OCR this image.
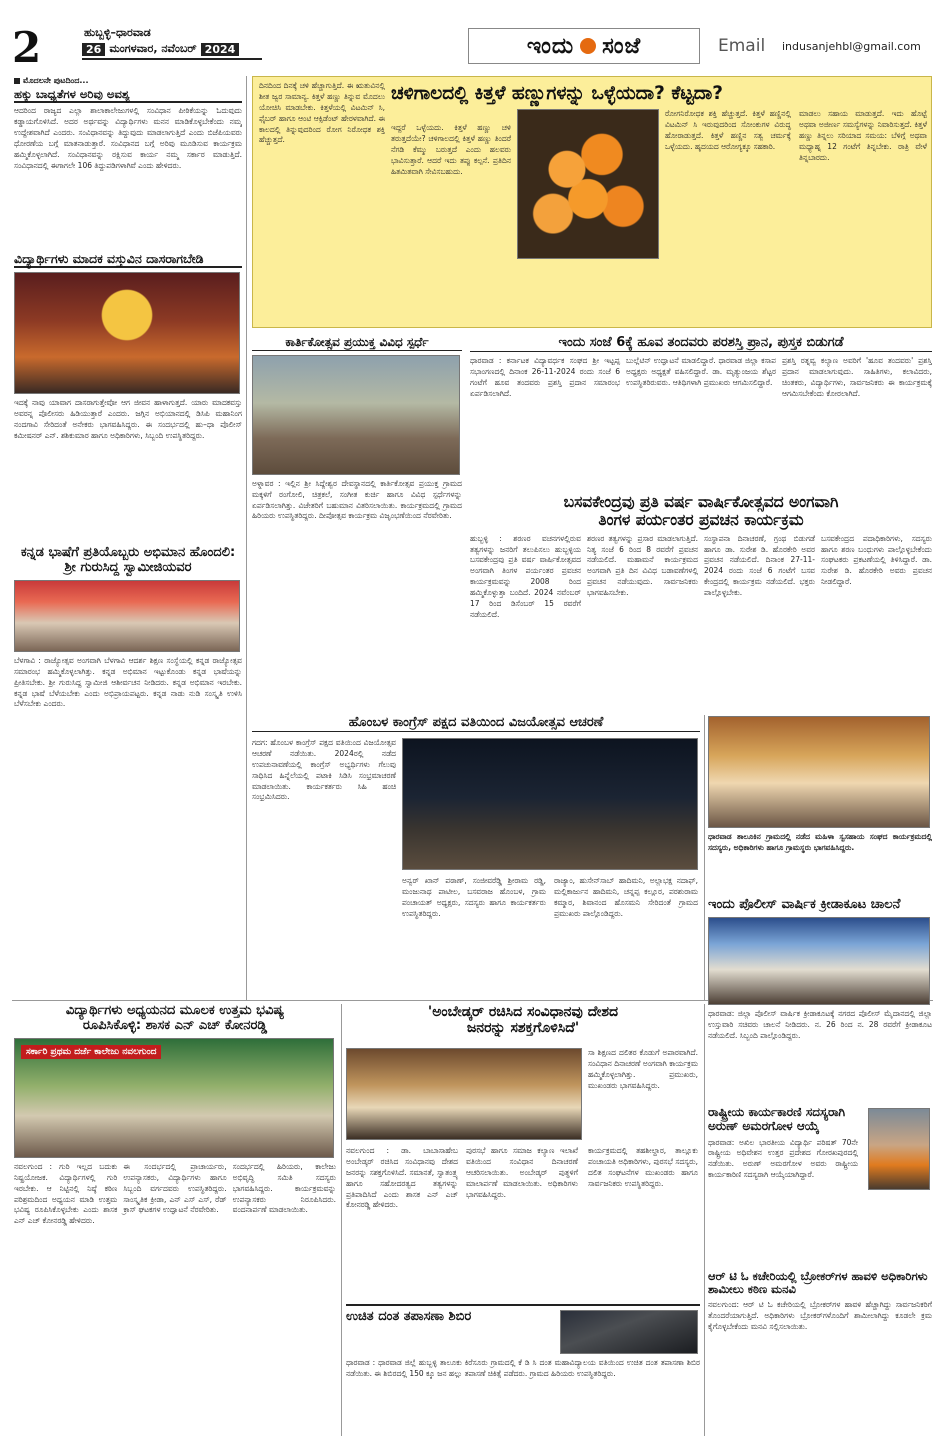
2	ಹುಬ್ಬಳ್ಳಿ–ಧಾರವಾಡ
26 ಮಂಗಳವಾರ, ನವೆಂಬರ್ 2024	ಇಂದು ಸಂಜೆ	Email indusanjehbl@gmail.com
ಮೊದಲನೇ ಪುಟದಿಂದ...
ಹಕ್ಕು ಬಾಧ್ಯತೆಗಳ ಅರಿವು ಅವಶ್ಯ
ಆದರಿಂದ ರಾಜ್ಯದ ಎಲ್ಲಾ ಶಾಲಾಕಾಲೇಜುಗಳಲ್ಲಿ ಸಂವಿಧಾನ ಪೀಠಿಕೆಯನ್ನು ಓದುವುದು ಕಡ್ಡಾಯಗೊಳಿಸಿದೆ. ಅದರ ಅರ್ಥವನ್ನು ವಿದ್ಯಾರ್ಥಿಗಳು ಮನನ ಮಾಡಿಕೊಳ್ಳಬೇಕೆಂದು ನಮ್ಮ ಉದ್ದೇಶವಾಗಿದೆ ಎಂದರು. ಸಂವಿಧಾನವನ್ನು ತಿದ್ದುವುದು ಮಾಡಲಾಗುತ್ತಿದೆ ಎಂದು ಬಿಜೆಪಿಯವರು ಧೋರಣೆಯ ಬಗ್ಗೆ ಮಾತನಾಡುತ್ತಾರೆ. ಸಂವಿಧಾನದ ಬಗ್ಗೆ ಅರಿವು ಮೂಡಿಸುವ ಕಾರ್ಯಕ್ರಮ ಹಮ್ಮಿಕೊಳ್ಳಲಾಗಿದೆ. ಸಂವಿಧಾನವನ್ನು ರಕ್ಷಿಸುವ ಕಾರ್ಯ ನಮ್ಮ ಸರ್ಕಾರ ಮಾಡುತ್ತಿದೆ. ಸಂವಿಧಾನದಲ್ಲಿ ಈಗಾಗಲೇ 106 ತಿದ್ದುಪಡಿಗಳಾಗಿವೆ ಎಂದು ಹೇಳಿದರು.
ವಿದ್ಯಾರ್ಥಿಗಳು ಮಾದಕ ವಸ್ತುವಿನ ದಾಸರಾಗಬೇಡಿ
ಇದಕ್ಕೆ ನಾವು ಯಾವಾಗ ದಾಸರಾಗುತ್ತೇವೋ ಆಗ ಜೀವನ ಹಾಳಾಗುತ್ತದೆ. ಯಾರು ಮಾದಕವಸ್ತು ಅವರನ್ನ ಪೊಲೀಸರು ಹಿಡಿಯುತ್ತಾರೆ ಎಂದರು. ಜಗ್ಗಿನ ಅಭಿಯಾನದಲ್ಲಿ ಡಿಸಿಪಿ ಮಹಾನಿಂಗ ನಂದಗಾವಿ ಸೇರಿದಂತೆ ಅನೇಕರು ಭಾಗವಹಿಸಿದ್ದರು. ಈ ಸಂದರ್ಭದಲ್ಲಿ ಹು–ಧಾ ಪೊಲೀಸ್ ಕಮೀಷನರ್ ಎನ್. ಶಶಿಕುಮಾರ ಹಾಗೂ ಅಧಿಕಾರಿಗಳು, ಸಿಬ್ಬಂದಿ ಉಪಸ್ಥಿತರಿದ್ದರು.
ಕನ್ನಡ ಭಾಷೆಗೆ ಪ್ರತಿಯೊಬ್ಬರು ಅಭಿಮಾನ ಹೊಂದಲಿ: ಶ್ರೀ ಗುರುಸಿದ್ದ ಸ್ವಾಮೀಜಿಯವರ
ಬೆಳಗಾವಿ : ರಾಜ್ಯೋತ್ಸವ ಅಂಗವಾಗಿ ಬೆಳಗಾವಿ ಆದರ್ಶ ಶಿಕ್ಷಣ ಸಂಸ್ಥೆಯಲ್ಲಿ ಕನ್ನಡ ರಾಜ್ಯೋತ್ಸವ ಸಮಾರಂಭ ಹಮ್ಮಿಕೊಳ್ಳಲಾಗಿತ್ತು. ಕನ್ನಡ ಅಭಿಮಾನ ಇಟ್ಟುಕೊಂಡು ಕನ್ನಡ ಭಾಷೆಯನ್ನು ಪ್ರೀತಿಸಬೇಕು. ಶ್ರೀ ಗುರುಸಿದ್ದ ಸ್ವಾಮೀಜಿ ಆಶೀರ್ವಚನ ನೀಡಿದರು. ಕನ್ನಡ ಅಭಿಮಾನ ಇರಬೇಕು. ಕನ್ನಡ ಭಾಷೆ ಬೆಳೆಯಬೇಕು ಎಂದು ಅಭಿಪ್ರಾಯಪಟ್ಟರು. ಕನ್ನಡ ನಾಡು ನುಡಿ ಸಂಸ್ಕೃತಿ ಉಳಿಸಿ ಬೆಳೆಸಬೇಕು ಎಂದರು.
ಚಳಿಗಾಲದಲ್ಲಿ ಕಿತ್ತಳೆ ಹಣ್ಣುಗಳನ್ನು ಒಳ್ಳೆಯದಾ? ಕೆಟ್ಟದಾ?
ದಿನದಿಂದ ದಿನಕ್ಕೆ ಚಳಿ ಹೆಚ್ಚಾಗುತ್ತಿದೆ. ಈ ಋತುವಿನಲ್ಲಿ ಶೀತ ಜ್ವರ ಸಾಮಾನ್ಯ. ಕಿತ್ತಳೆ ಹಣ್ಣು ತಿನ್ನುವ ಮೊದಲು ಯೋಚಿಸಿ ಮಾಡಬೇಕು. ಕಿತ್ತಳೆಯಲ್ಲಿ ವಿಟಮಿನ್ ಸಿ, ಫೈಬರ್ ಹಾಗೂ ಆಂಟಿ ಆಕ್ಸಿಡೆಂಟ್ ಹೇರಳವಾಗಿದೆ. ಈ ಕಾಲದಲ್ಲಿ ತಿನ್ನುವುದರಿಂದ ರೋಗ ನಿರೋಧಕ ಶಕ್ತಿ ಹೆಚ್ಚುತ್ತದೆ.
ಇದ್ದರೆ ಒಳ್ಳೆಯದು. ಕಿತ್ತಳೆ ಹಣ್ಣು ಚಳಿ ತರುತ್ತದೆಯೇ? ಚಳಿಗಾಲದಲ್ಲಿ ಕಿತ್ತಳೆ ಹಣ್ಣು ತಿಂದರೆ ನೆಗಡಿ ಕೆಮ್ಮು ಬರುತ್ತದೆ ಎಂದು ಹಲವರು ಭಾವಿಸುತ್ತಾರೆ. ಆದರೆ ಇದು ತಪ್ಪು ಕಲ್ಪನೆ. ಪ್ರತಿದಿನ ಹಿತಮಿತವಾಗಿ ಸೇವಿಸಬಹುದು.
ರೋಗನಿರೋಧಕ ಶಕ್ತಿ ಹೆಚ್ಚುತ್ತದೆ. ಕಿತ್ತಳೆ ಹಣ್ಣಿನಲ್ಲಿ ವಿಟಮಿನ್ ಸಿ ಇರುವುದರಿಂದ ಸೋಂಕುಗಳ ವಿರುದ್ಧ ಹೋರಾಡುತ್ತದೆ. ಕಿತ್ತಳೆ ಹಣ್ಣಿನ ಸತ್ವ ಚರ್ಮಕ್ಕೆ ಒಳ್ಳೆಯದು. ಹೃದಯದ ಆರೋಗ್ಯಕ್ಕೂ ಸಹಕಾರಿ.
ಮಾಡಲು ಸಹಾಯ ಮಾಡುತ್ತದೆ. ಇದು ಹೊಟ್ಟೆ ಅಥವಾ ಅಜೀರ್ಣ ಸಮಸ್ಯೆಗಳನ್ನು ನಿವಾರಿಸುತ್ತದೆ. ಕಿತ್ತಳೆ ಹಣ್ಣು ತಿನ್ನಲು ಸರಿಯಾದ ಸಮಯ: ಬೆಳಿಗ್ಗೆ ಅಥವಾ ಮಧ್ಯಾಹ್ನ 12 ಗಂಟೆಗೆ ತಿನ್ನಬೇಕು. ರಾತ್ರಿ ವೇಳೆ ತಿನ್ನಬಾರದು.
ಕಾರ್ತಿಕೋತ್ಸವ ಪ್ರಯುಕ್ತ ವಿವಿಧ ಸ್ಪರ್ಧೆ
ಅಳ್ನಾವರ : ಇಲ್ಲಿನ ಶ್ರೀ ಸಿದ್ದೇಶ್ವರ ದೇವಸ್ಥಾನದಲ್ಲಿ ಕಾರ್ತಿಕೋತ್ಸವ ಪ್ರಯುಕ್ತ ಗ್ರಾಮದ ಮಕ್ಕಳಿಗೆ ರಂಗೋಲಿ, ಚಿತ್ರಕಲೆ, ಸಂಗೀತ ಕುರ್ಚಿ ಹಾಗೂ ವಿವಿಧ ಸ್ಪರ್ಧೆಗಳನ್ನು ಏರ್ಪಡಿಸಲಾಗಿತ್ತು. ವಿಜೇತರಿಗೆ ಬಹುಮಾನ ವಿತರಿಸಲಾಯಿತು. ಕಾರ್ಯಕ್ರಮದಲ್ಲಿ ಗ್ರಾಮದ ಹಿರಿಯರು ಉಪಸ್ಥಿತರಿದ್ದರು. ದೀಪೋತ್ಸವ ಕಾರ್ಯಕ್ರಮ ವಿಜೃಂಭಣೆಯಿಂದ ನೆರವೇರಿತು.
ಇಂದು ಸಂಜೆ 6ಕ್ಕೆ ಹೂವ ತಂದವರು ಪರಶಸ್ತಿ ಪ್ರಾನ, ಪುಸ್ತಕ ಬಿಡುಗಡೆ
ಧಾರವಾಡ : ಕರ್ನಾಟಕ ವಿದ್ಯಾವರ್ಧಕ ಸಂಘದ ಶ್ರೀ ಇಟ್ಟಪ್ಪ ಸಭಾಂಗಣದಲ್ಲಿ ದಿನಾಂಕ 26-11-2024 ರಂದು ಸಂಜೆ 6 ಗಂಟೆಗೆ ಹೂವ ತಂದವರು ಪ್ರಶಸ್ತಿ ಪ್ರದಾನ ಸಮಾರಂಭ ಏರ್ಪಡಿಸಲಾಗಿದೆ.
ಬುಲ್ಲೆಟಿನ್ ಉದ್ಘಾಟನೆ ಮಾಡಲಿದ್ದಾರೆ. ಧಾರವಾಡ ಜಿಲ್ಲಾ ಕಸಾಪ ಅಧ್ಯಕ್ಷರು ಅಧ್ಯಕ್ಷತೆ ವಹಿಸಲಿದ್ದಾರೆ. ಡಾ. ಮೃತ್ಯುಂಜಯ ಶೆಟ್ಟರ ಉಪಸ್ಥಿತರಿರುವರು. ಆತಿಥಿಗಳಾಗಿ ಪ್ರಮುಖರು ಆಗಮಿಸಲಿದ್ದಾರೆ.
ಪ್ರಶಸ್ತಿ ರತ್ನವ್ವ ಕಲ್ಯಾಣ ಅವರಿಗೆ 'ಹೂವ ತಂದವರು' ಪ್ರಶಸ್ತಿ ಪ್ರದಾನ ಮಾಡಲಾಗುವುದು. ಸಾಹಿತಿಗಳು, ಕಲಾವಿದರು, ಚಿಂತಕರು, ವಿದ್ಯಾರ್ಥಿಗಳು, ಸಾರ್ವಜನಿಕರು ಈ ಕಾರ್ಯಕ್ರಮಕ್ಕೆ ಆಗಮಿಸಬೇಕೆಂದು ಕೋರಲಾಗಿದೆ.
ಬಸವಕೇಂದ್ರವು ಪ್ರತಿ ವರ್ಷ ವಾರ್ಷಿಕೋತ್ಸವದ ಅಂಗವಾಗಿ
ತಿಂಗಳ ಪರ್ಯಂತರ ಪ್ರವಚನ ಕಾರ್ಯಕ್ರಮ
ಹುಬ್ಬಳ್ಳಿ : ಶರಣರ ವಚನಗಳಲ್ಲಿರುವ ತತ್ವಗಳನ್ನು ಜನರಿಗೆ ತಲುಪಿಸಲು ಹುಬ್ಬಳ್ಳಿಯ ಬಸವಕೇಂದ್ರವು ಪ್ರತಿ ವರ್ಷ ವಾರ್ಷಿಕೋತ್ಸವದ ಅಂಗವಾಗಿ ತಿಂಗಳ ಪರ್ಯಂತರ ಪ್ರವಚನ ಕಾರ್ಯಕ್ರಮವನ್ನು 2008 ರಿಂದ ಹಮ್ಮಿಕೊಳ್ಳುತ್ತಾ ಬಂದಿದೆ. 2024 ನವೆಂಬರ್ 17 ರಿಂದ ಡಿಸೆಂಬರ್ 15 ರವರೆಗೆ ನಡೆಯಲಿದೆ.
ಶರಣರ ತತ್ವಗಳನ್ನು ಪ್ರಸಾರ ಮಾಡಲಾಗುತ್ತಿದೆ. ನಿತ್ಯ ಸಂಜೆ 6 ರಿಂದ 8 ರವರೆಗೆ ಪ್ರವಚನ ನಡೆಯಲಿದೆ. ಮಹಾಮನೆ ಕಾರ್ಯಕ್ರಮದ ಅಂಗವಾಗಿ ಪ್ರತಿ ದಿನ ವಿವಿಧ ಬಡಾವಣೆಗಳಲ್ಲಿ ಪ್ರವಚನ ನಡೆಯುವುದು. ಸಾರ್ವಜನಿಕರು ಭಾಗವಹಿಸಬೇಕು.
ಸಂಸ್ಥಾಪನಾ ದಿನಾಚರಣೆ, ಗ್ರಂಥ ಬಿಡುಗಡೆ ಹಾಗೂ ಡಾ. ಸುರೇಶ ಡಿ. ಹೊರಕೇರಿ ಅವರ ಪ್ರವಚನ ನಡೆಯಲಿದೆ. ದಿನಾಂಕ 27-11-2024 ರಂದು ಸಂಜೆ 6 ಗಂಟೆಗೆ ಬಸವ ಕೇಂದ್ರದಲ್ಲಿ ಕಾರ್ಯಕ್ರಮ ನಡೆಯಲಿದೆ. ಭಕ್ತರು ಪಾಲ್ಗೊಳ್ಳಬೇಕು.
ಬಸವಕೇಂದ್ರದ ಪದಾಧಿಕಾರಿಗಳು, ಸದಸ್ಯರು ಹಾಗೂ ಶರಣ ಬಂಧುಗಳು ಪಾಲ್ಗೊಳ್ಳಬೇಕೆಂದು ಸಂಘಟಕರು ಪ್ರಕಟಣೆಯಲ್ಲಿ ತಿಳಿಸಿದ್ದಾರೆ. ಡಾ. ಸುರೇಶ ಡಿ. ಹೊರಕೇರಿ ಅವರು ಪ್ರವಚನ ನೀಡಲಿದ್ದಾರೆ.
ಹೊಂಬಳ ಕಾಂಗ್ರೆಸ್ ಪಕ್ಷದ ವತಿಯಿಂದ ವಿಜಯೋತ್ಸವ ಆಚರಣೆ
ಗದಗ: ಹೊಂಬಳ ಕಾಂಗ್ರೆಸ್ ಪಕ್ಷದ ವತಿಯಿಂದ ವಿಜಯೋತ್ಸವ ಆಚರಣೆ ನಡೆಯಿತು. 2024ರಲ್ಲಿ ನಡೆದ ಉಪಚುನಾವಣೆಯಲ್ಲಿ ಕಾಂಗ್ರೆಸ್ ಅಭ್ಯರ್ಥಿಗಳು ಗೆಲುವು ಸಾಧಿಸಿದ ಹಿನ್ನೆಲೆಯಲ್ಲಿ ಪಟಾಕಿ ಸಿಡಿಸಿ ಸಂಭ್ರಮಾಚರಣೆ ಮಾಡಲಾಯಿತು. ಕಾರ್ಯಕರ್ತರು ಸಿಹಿ ಹಂಚಿ ಸಂಭ್ರಮಿಸಿದರು.
ಅನ್ವರ್ ಖಾನ್ ಪಠಾಣ್, ಸಂಜೀವರೆಡ್ಡಿ ಶ್ರೀರಾಮ ರಡ್ಡಿ, ಮಂಜುನಾಥ ಪಾಟೀಲ, ಬಸವರಾಜ ಹೊಂಬಳ, ಗ್ರಾಮ ಪಂಚಾಯತ್ ಅಧ್ಯಕ್ಷರು, ಸದಸ್ಯರು ಹಾಗೂ ಕಾರ್ಯಕರ್ತರು ಉಪಸ್ಥಿತರಿದ್ದರು.
ರಾಜ್ಯಾಂ, ಹುಸೇನ್‌ಸಾಬ್ ಹಾದಿಮನಿ, ಅಲ್ಲಾಭಕ್ಷ ನದಾಫ್, ಮಲ್ಲಿಕಾರ್ಜುನ ಹಾದಿಮನಿ, ಚನ್ನಪ್ಪ ಕಲ್ಲೂರ, ಪರಶುರಾಮ ಕಮ್ಮಾರ, ಶಿವಾನಂದ ಹೊಸಮನಿ ಸೇರಿದಂತೆ ಗ್ರಾಮದ ಪ್ರಮುಖರು ಪಾಲ್ಗೊಂಡಿದ್ದರು.
ಧಾರವಾಡ ತಾಲೂಕಿನ ಗ್ರಾಮದಲ್ಲಿ ನಡೆದ ಮಹಿಳಾ ಸ್ವಸಹಾಯ ಸಂಘದ ಕಾರ್ಯಕ್ರಮದಲ್ಲಿ ಸದಸ್ಯರು, ಅಧಿಕಾರಿಗಳು ಹಾಗೂ ಗ್ರಾಮಸ್ಥರು ಭಾಗವಹಿಸಿದ್ದರು.
ಇಂದು ಪೊಲೀಸ್ ವಾರ್ಷಿಕ ಕ್ರೀಡಾಕೂಟ ಚಾಲನೆ
ಧಾರವಾಡ: ಜಿಲ್ಲಾ ಪೊಲೀಸ್ ವಾರ್ಷಿಕ ಕ್ರೀಡಾಕೂಟಕ್ಕೆ ನಗರದ ಪೊಲೀಸ್ ಮೈದಾನದಲ್ಲಿ ಜಿಲ್ಲಾ ಉಸ್ತುವಾರಿ ಸಚಿವರು ಚಾಲನೆ ನೀಡಿದರು. ನ. 26 ರಿಂದ ನ. 28 ರವರೆಗೆ ಕ್ರೀಡಾಕೂಟ ನಡೆಯಲಿದೆ. ಸಿಬ್ಬಂದಿ ಪಾಲ್ಗೊಂಡಿದ್ದರು.
ರಾಷ್ಟ್ರೀಯ ಕಾರ್ಯಕಾರಣಿ ಸದಸ್ಯರಾಗಿ ಅರುಣ್ ಅಮರಗೋಳ ಆಯ್ಕೆ
ಧಾರವಾಡ: ಅಖಿಲ ಭಾರತೀಯ ವಿದ್ಯಾರ್ಥಿ ಪರಿಷತ್ 70ನೇ ರಾಷ್ಟ್ರೀಯ ಅಧಿವೇಶನ ಉತ್ತರ ಪ್ರದೇಶದ ಗೋರಖಪುರದಲ್ಲಿ ನಡೆಯಿತು. ಅರುಣ್ ಅಮರಗೋಳ ಅವರು ರಾಷ್ಟ್ರೀಯ ಕಾರ್ಯಕಾರಿಣಿ ಸದಸ್ಯರಾಗಿ ಆಯ್ಕೆಯಾಗಿದ್ದಾರೆ.
ಆರ್ ಟಿ ಓ ಕಚೇರಿಯಲ್ಲಿ ಬ್ರೋಕರ್‌ಗಳ ಹಾವಳಿ ಅಧಿಕಾರಿಗಳು ಶಾಮೀಲು ಕಠಿಣ ಮನವಿ
ನವಲಗುಂದ: ಆರ್ ಟಿ ಓ ಕಚೇರಿಯಲ್ಲಿ ಬ್ರೋಕರ್‌ಗಳ ಹಾವಳಿ ಹೆಚ್ಚಾಗಿದ್ದು ಸಾರ್ವಜನಿಕರಿಗೆ ತೊಂದರೆಯಾಗುತ್ತಿದೆ. ಅಧಿಕಾರಿಗಳು ಬ್ರೋಕರ್‌ಗಳೊಂದಿಗೆ ಶಾಮೀಲಾಗಿದ್ದು ಕೂಡಲೇ ಕ್ರಮ ಕೈಗೊಳ್ಳಬೇಕೆಂದು ಮನವಿ ಸಲ್ಲಿಸಲಾಯಿತು.
ವಿದ್ಯಾರ್ಥಿಗಳು ಅಧ್ಯಯನದ ಮೂಲಕ ಉತ್ತಮ ಭವಿಷ್ಯ
ರೂಪಿಸಿಕೊಳ್ಳಿ: ಶಾಸಕ ಎನ್ ಎಚ್ ಕೋನರಡ್ಡಿ
ಸರ್ಕಾರಿ ಪ್ರಥಮ ದರ್ಜೆ ಕಾಲೇಜು ನವಲಗುಂದ
ನವಲಗುಂದ : ಗುರಿ ಇಲ್ಲದ ಬದುಕು ನಿಷ್ಪ್ರಯೋಜಕ. ವಿದ್ಯಾರ್ಥಿಗಳಲ್ಲಿ ಗುರಿ ಇರಬೇಕು. ಆ ನಿಟ್ಟಿನಲ್ಲಿ ನಿಷ್ಠೆ ಕಠಿಣ ಪರಿಶ್ರಮದಿಂದ ಅಧ್ಯಯನ ಮಾಡಿ ಉತ್ತಮ ಭವಿಷ್ಯ ರೂಪಿಸಿಕೊಳ್ಳಬೇಕು ಎಂದು ಶಾಸಕ ಎನ್ ಎಚ್ ಕೋನರಡ್ಡಿ ಹೇಳಿದರು.
ಈ ಸಂದರ್ಭದಲ್ಲಿ ಪ್ರಾಚಾರ್ಯರು, ಉಪನ್ಯಾಸಕರು, ವಿದ್ಯಾರ್ಥಿಗಳು ಹಾಗೂ ಸಿಬ್ಬಂದಿ ವರ್ಗದವರು ಉಪಸ್ಥಿತರಿದ್ದರು. ಸಾಂಸ್ಕೃತಿಕ ಕ್ರೀಡಾ, ಎನ್ ಎಸ್ ಎಸ್, ರೆಡ್ ಕ್ರಾಸ್ ಘಟಕಗಳ ಉದ್ಘಾಟನೆ ನೆರವೇರಿತು.
ಸಂದರ್ಭದಲ್ಲಿ ಹಿರಿಯರು, ಕಾಲೇಜು ಅಭಿವೃದ್ಧಿ ಸಮಿತಿ ಸದಸ್ಯರು ಭಾಗವಹಿಸಿದ್ದರು. ಕಾರ್ಯಕ್ರಮವನ್ನು ಉಪನ್ಯಾಸಕರು ನಿರೂಪಿಸಿದರು. ವಂದನಾರ್ಪಣೆ ಮಾಡಲಾಯಿತು.
'ಅಂಬೇಡ್ಕರ್ ರಚಿಸಿದ ಸಂವಿಧಾನವು ದೇಶದ
ಜನರನ್ನು ಸಶಕ್ತಗೊಳಿಸಿದೆ'
ಸಾ ಶಿಕ್ಷಣದ ದಲಿತರ ಕೊಡುಗೆ ಅಪಾರವಾಗಿದೆ. ಸಂವಿಧಾನ ದಿನಾಚರಣೆ ಅಂಗವಾಗಿ ಕಾರ್ಯಕ್ರಮ ಹಮ್ಮಿಕೊಳ್ಳಲಾಗಿತ್ತು. ಪ್ರಮುಖರು, ಮುಖಂಡರು ಭಾಗವಹಿಸಿದ್ದರು.
ನವಲಗುಂದ : ಡಾ. ಬಾಬಾಸಾಹೇಬ ಅಂಬೇಡ್ಕರ್ ರಚಿಸಿದ ಸಂವಿಧಾನವು ದೇಶದ ಜನರನ್ನು ಸಶಕ್ತಗೊಳಿಸಿದೆ. ಸಮಾನತೆ, ಸ್ವಾತಂತ್ರ್ಯ ಹಾಗೂ ಸಹೋದರತ್ವದ ತತ್ವಗಳನ್ನು ಪ್ರತಿಪಾದಿಸಿದೆ ಎಂದು ಶಾಸಕ ಎನ್ ಎಚ್ ಕೋನರಡ್ಡಿ ಹೇಳಿದರು.
ಪುರಸಭೆ ಹಾಗೂ ಸಮಾಜ ಕಲ್ಯಾಣ ಇಲಾಖೆ ವತಿಯಿಂದ ಸಂವಿಧಾನ ದಿನಾಚರಣೆ ಆಚರಿಸಲಾಯಿತು. ಅಂಬೇಡ್ಕರ್ ಪುತ್ಥಳಿಗೆ ಮಾಲಾರ್ಪಣೆ ಮಾಡಲಾಯಿತು. ಅಧಿಕಾರಿಗಳು ಭಾಗವಹಿಸಿದ್ದರು.
ಕಾರ್ಯಕ್ರಮದಲ್ಲಿ ತಹಶೀಲ್ದಾರ, ತಾಲ್ಲೂಕು ಪಂಚಾಯತಿ ಅಧಿಕಾರಿಗಳು, ಪುರಸಭೆ ಸದಸ್ಯರು, ದಲಿತ ಸಂಘಟನೆಗಳ ಮುಖಂಡರು ಹಾಗೂ ಸಾರ್ವಜನಿಕರು ಉಪಸ್ಥಿತರಿದ್ದರು.
ಉಚಿತ ದಂತ ತಪಾಸಣಾ ಶಿಬಿರ
ಧಾರವಾಡ : ಧಾರವಾಡ ಜಿಲ್ಲೆ ಹುಬ್ಬಳ್ಳಿ ತಾಲೂಕು ಕಿರೆಸೂರು ಗ್ರಾಮದಲ್ಲಿ ಕೆ ಡಿ ಸಿ ದಂತ ಮಹಾವಿದ್ಯಾಲಯ ವತಿಯಿಂದ ಉಚಿತ ದಂತ ತಪಾಸಣಾ ಶಿಬಿರ ನಡೆಯಿತು. ಈ ಶಿಬಿರದಲ್ಲಿ 150 ಕ್ಕೂ ಜನ ಹಲ್ಲು ತಪಾಸಣೆ ಚಿಕಿತ್ಸೆ ಪಡೆದರು. ಗ್ರಾಮದ ಹಿರಿಯರು ಉಪಸ್ಥಿತರಿದ್ದರು.
